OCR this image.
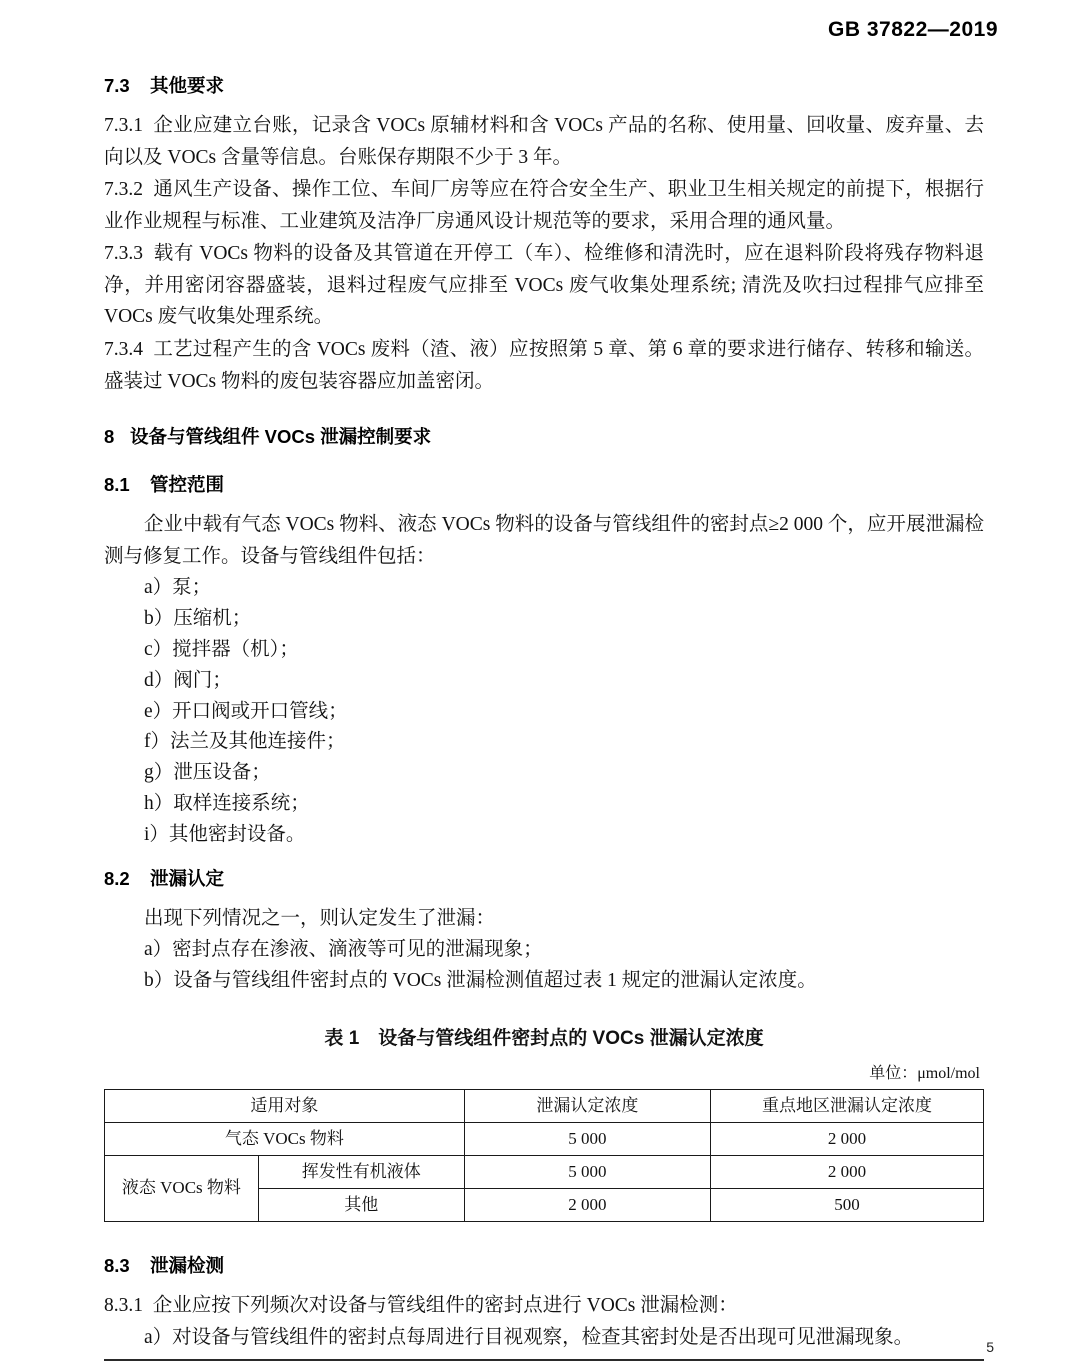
GB 37822—2019
7.3 其他要求

7.3.1 企业应建立台账，记录含 VOCs 原辅材料和含 VOCs 产品的名称、使用量、回收量、废弃量、去向以及 VOCs 含量等信息。台账保存期限不少于 3 年。

7.3.2 通风生产设备、操作工位、车间厂房等应在符合安全生产、职业卫生相关规定的前提下，根据行业作业规程与标准、工业建筑及洁净厂房通风设计规范等的要求，采用合理的通风量。

7.3.3 载有 VOCs 物料的设备及其管道在开停工（车）、检维修和清洗时，应在退料阶段将残存物料退净，并用密闭容器盛装，退料过程废气应排至 VOCs 废气收集处理系统; 清洗及吹扫过程排气应排至 VOCs 废气收集处理系统。

7.3.4 工艺过程产生的含 VOCs 废料（渣、液）应按照第 5 章、第 6 章的要求进行储存、转移和输送。盛装过 VOCs 物料的废包装容器应加盖密闭。

8 设备与管线组件 VOCs 泄漏控制要求
8.1 管控范围

企业中载有气态 VOCs 物料、液态 VOCs 物料的设备与管线组件的密封点≥2 000 个，应开展泄漏检测与修复工作。设备与管线组件包括：

a）泵；

b）压缩机；

c）搅拌器（机）；

d）阀门；

e）开口阀或开口管线；

f）法兰及其他连接件；

g）泄压设备；

h）取样连接系统；

i）其他密封设备。

8.2 泄漏认定

出现下列情况之一，则认定发生了泄漏：

a）密封点存在渗液、滴液等可见的泄漏现象；

b）设备与管线组件密封点的 VOCs 泄漏检测值超过表 1 规定的泄漏认定浓度。

表 1　设备与管线组件密封点的 VOCs 泄漏认定浓度
单位：μmol/mol
适用对象		泄漏认定浓度	重点地区泄漏认定浓度
气态 VOCs 物料		5 000	2 000
液态 VOCs 物料	挥发性有机液体	5 000	2 000
	其他	2 000	500
8.3 泄漏检测

8.3.1 企业应按下列频次对设备与管线组件的密封点进行 VOCs 泄漏检测：

a）对设备与管线组件的密封点每周进行目视观察，检查其密封处是否出现可见泄漏现象。	5
